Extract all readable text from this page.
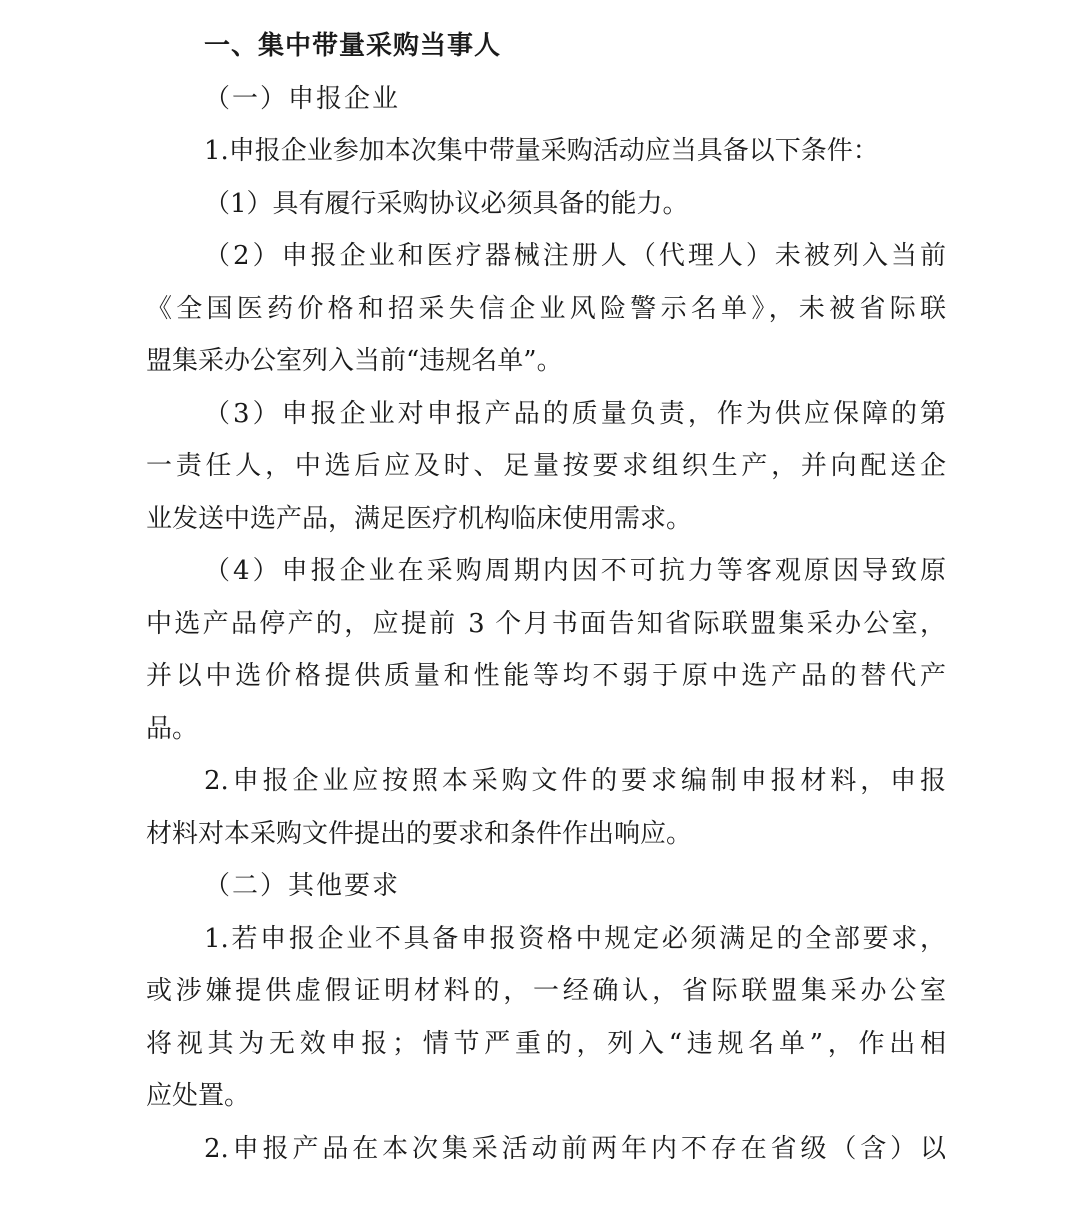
一、集中带量采购当事人
（一）申报企业
1.申报企业参加本次集中带量采购活动应当具备以下条件：
（1）具有履行采购协议必须具备的能力。
（2）申报企业和医疗器械注册人（代理人）未被列入当前
《全国医药价格和招采失信企业风险警示名单》，未被省际联
盟集采办公室列入当前“违规名单”。
（3）申报企业对申报产品的质量负责，作为供应保障的第
一责任人，中选后应及时、足量按要求组织生产，并向配送企
业发送中选产品，满足医疗机构临床使用需求。
（4）申报企业在采购周期内因不可抗力等客观原因导致原
中选产品停产的，应提前 3 个月书面告知省际联盟集采办公室，
并以中选价格提供质量和性能等均不弱于原中选产品的替代产
品。
2.申报企业应按照本采购文件的要求编制申报材料，申报
材料对本采购文件提出的要求和条件作出响应。
（二）其他要求
1.若申报企业不具备申报资格中规定必须满足的全部要求，
或涉嫌提供虚假证明材料的，一经确认，省际联盟集采办公室
将视其为无效申报；情节严重的，列入“违规名单”，作出相
应处置。
2.申报产品在本次集采活动前两年内不存在省级（含）以
